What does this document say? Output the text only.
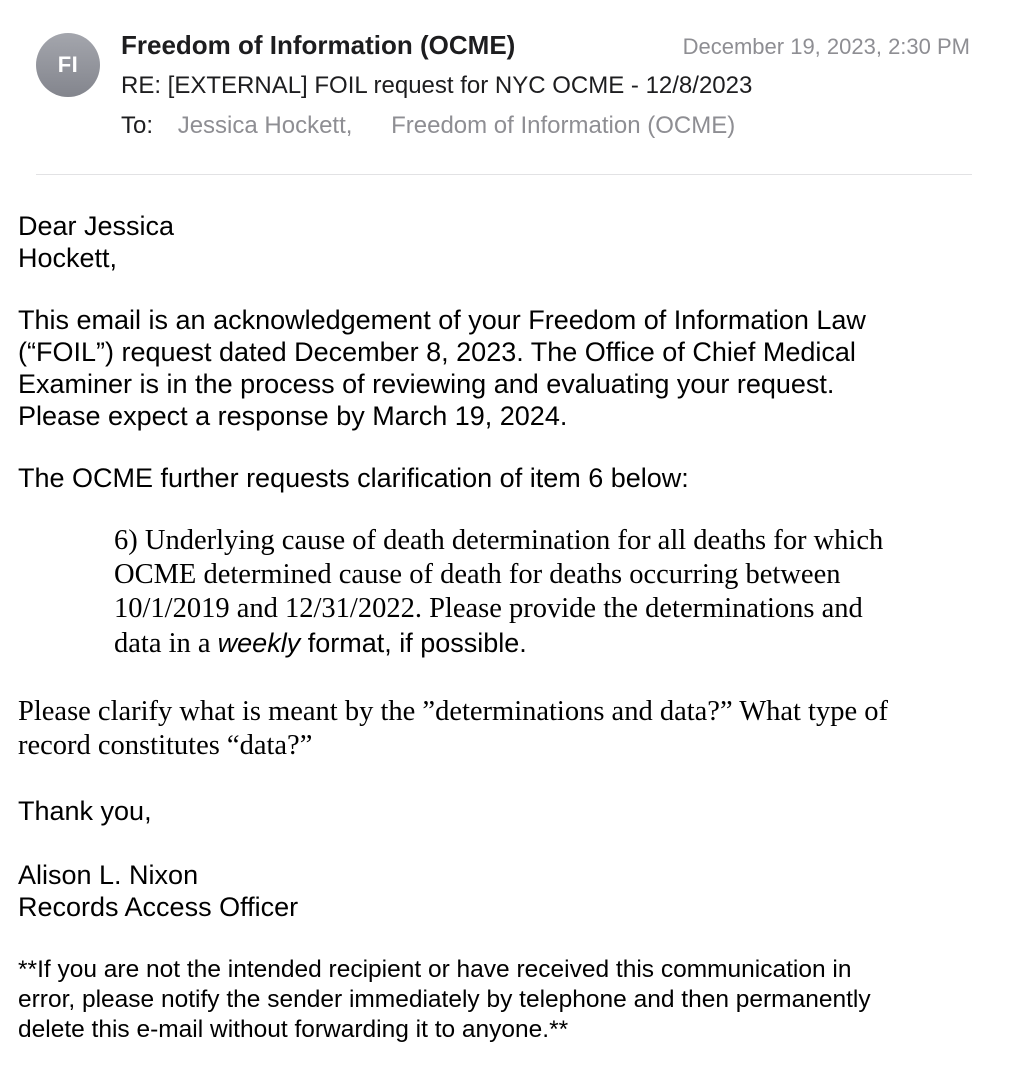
FI
Freedom of Information (OCME)	December 19, 2023, 2:30 PM
RE: [EXTERNAL] FOIL request for NYC OCME - 12/8/2023
To: Jessica Hockett, Freedom of Information (OCME)

Dear Jessica

Hockett,

This email is an acknowledgement of your Freedom of Information Law

(“FOIL”) request dated December 8, 2023. The Office of Chief Medical

Examiner is in the process of reviewing and evaluating your request.

Please expect a response by March 19, 2024.

The OCME further requests clarification of item 6 below:

6) Underlying cause of death determination for all deaths for which

OCME determined cause of death for deaths occurring between

10/1/2019 and 12/31/2022. Please provide the determinations and

data in a weekly format, if possible.

Please clarify what is meant by the ”determinations and data?” What type of

record constitutes “data?”

Thank you,

Alison L. Nixon

Records Access Officer

**If you are not the intended recipient or have received this communication in

error, please notify the sender immediately by telephone and then permanently

delete this e-mail without forwarding it to anyone.**
